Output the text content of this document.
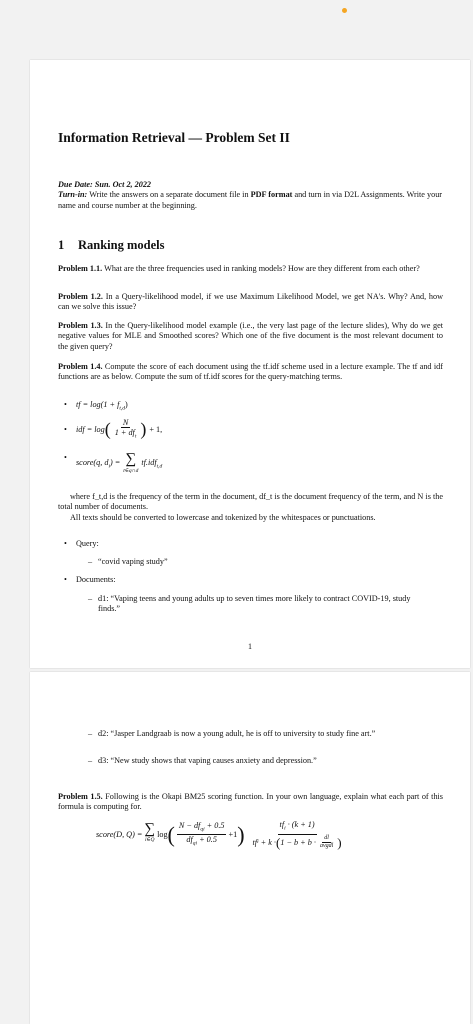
Information Retrieval — Problem Set II
Due Date: Sun. Oct 2, 2022
Turn-in: Write the answers on a separate document file in PDF format and turn in via D2L Assignments. Write your name and course number at the beginning.
1 Ranking models
Problem 1.1. What are the three frequencies used in ranking models? How are they different from each other?
Problem 1.2. In a Query-likelihood model, if we use Maximum Likelihood Model, we get NA's. Why? And, how can we solve this issue?
Problem 1.3. In the Query-likelihood model example (i.e., the very last page of the lecture slides), Why do we get negative values for MLE and Smoothed scores? Which one of the five document is the most relevant document to the given query?
Problem 1.4. Compute the score of each document using the tf.idf scheme used in a lecture example. The tf and idf functions are as below. Compute the sum of tf.idf scores for the query-matching terms.
• tf = $\log(1 + f_{t,d})$
•	idf = log ( $\frac{N}{1 + df_t}$ ) + 1,
•
score(q, $d_i$) = ∑
t∈q∩d
tf.idf$_{t,d}$
where f_t,d is the frequency of the term in the document, df_t is the document frequency of the term, and N is the total number of documents.
All texts should be converted to lowercase and tokenized by the whitespaces or punctuations.
• Query:
– “covid vaping study”
• Documents:
– d1: “Vaping teens and young adults up to seven times more likely to contract COVID-19, study finds.”
1
– d2: “Jasper Landgraab is now a young adult, he is off to university to study fine art.”
– d3: “New study shows that vaping causes anxiety and depression.”
Problem 1.5. Following is the Okapi BM25 scoring function. In your own language, explain what each part of this formula is computing for.
score(D, Q) = ∑
i∈Q
log ( $\frac{N - df_{qi} + 0.5}{df_{qi} + 0.5} +1$ )	$tf_i \cdot (k + 1)$
tf i
+ k · ( $1 - b + b \cdot \frac{dl}{\text{avgdl}}$ )
